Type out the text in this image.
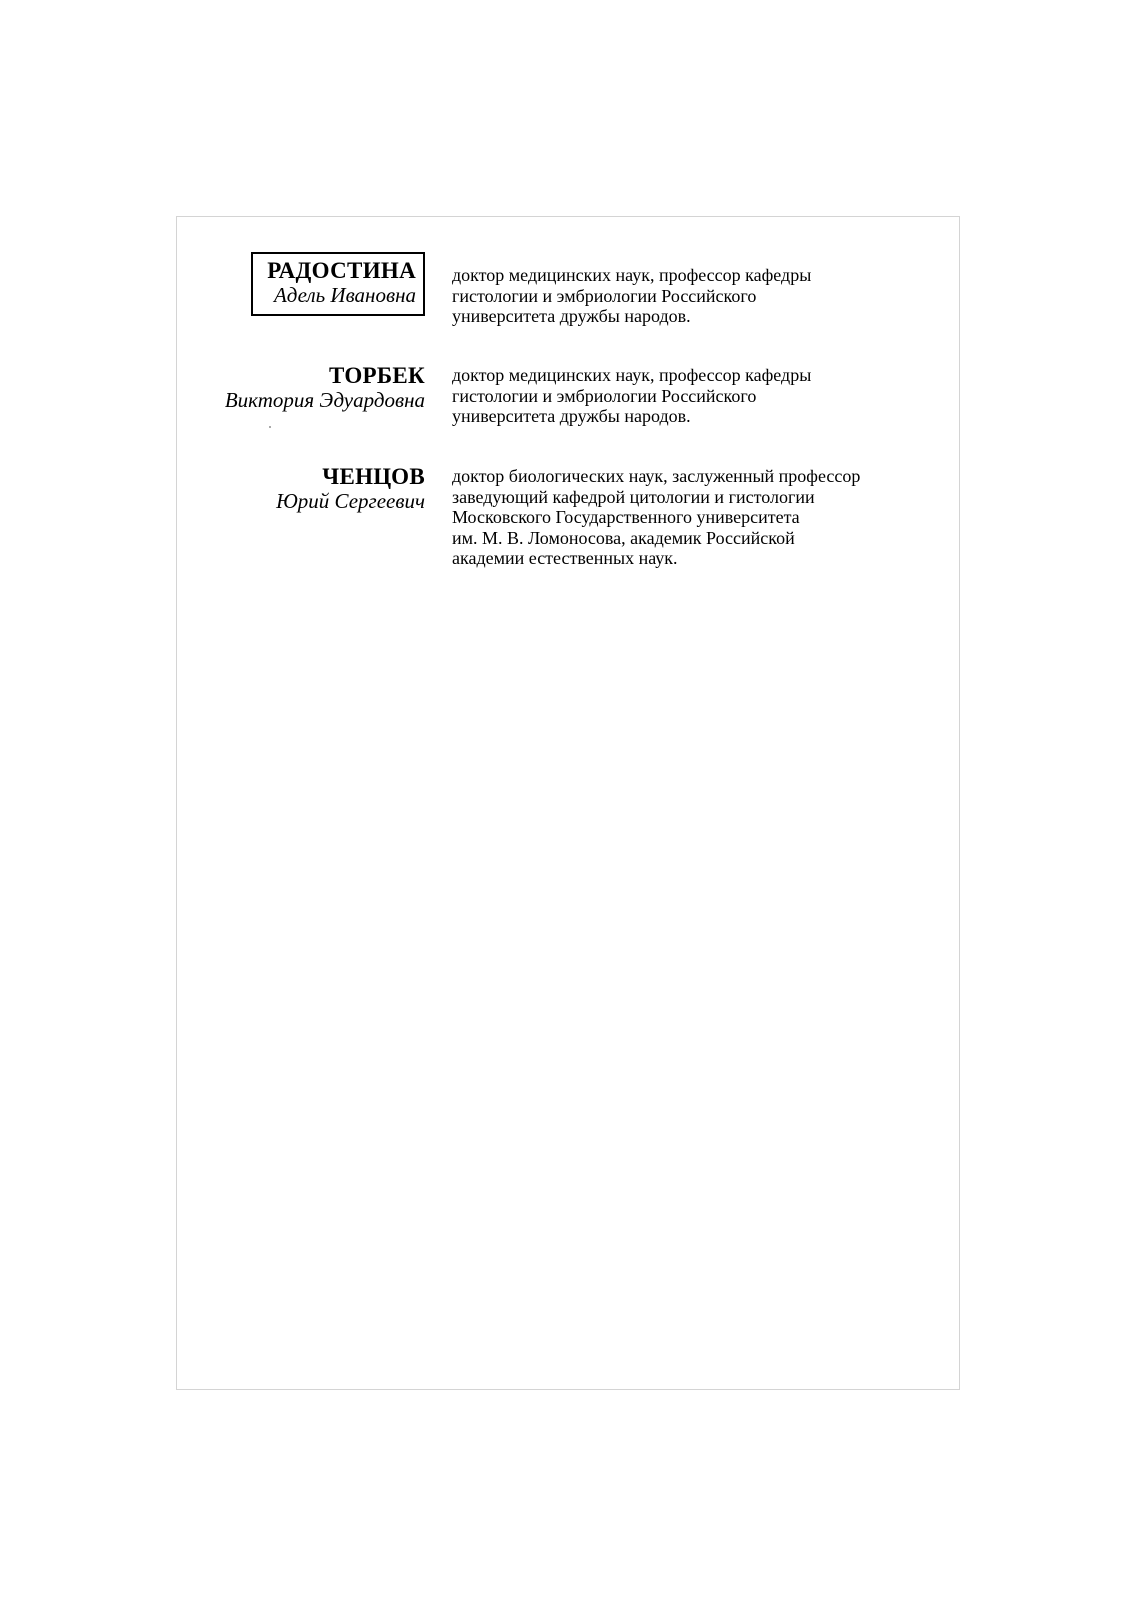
РАДОСТИНА
Адель Ивановна
доктор медицинских наук, профессор кафедры
гистологии и эмбриологии Российского
университета дружбы народов.
ТОРБЕК
Виктория Эдуардовна
доктор медицинских наук, профессор кафедры
гистологии и эмбриологии Российского
университета дружбы народов.
ЧЕНЦОВ
Юрий Сергеевич
доктор биологических наук, заслуженный профессор
заведующий кафедрой цитологии и гистологии
Московского Государственного университета
им. М. В. Ломоносова, академик Российской
академии естественных наук.
